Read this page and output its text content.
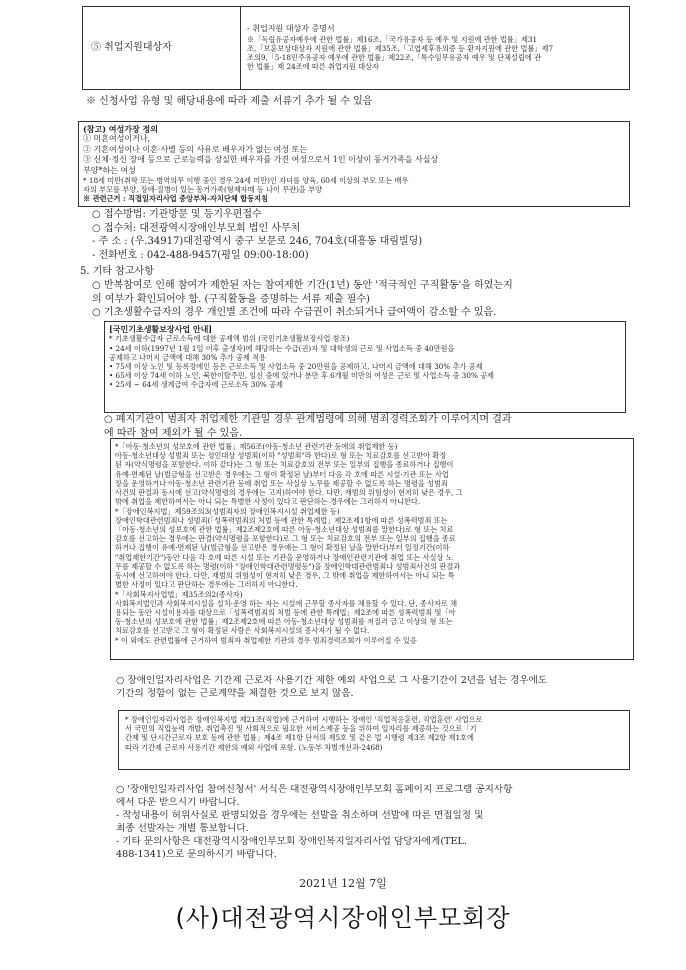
⑤ 취업지원대상자	
- 취업지원 대상자 증명서
※「독립유공자예우에 관한 법률」제16조,「국가유공자 등 예우 및 지원에 관한 법률」제31
조,「보훈보상대상자 지원에 관한 법률」제35조,「고엽제후유의증 등 환자지원에 관한 법률」제7
조의9,「5·18민주유공자 예우에 관한 법률」제22조,「특수임무유공자 예우 및 단체설립에 관
한 법률」제 24조에 따른 취업지원 대상자
※ 신청사업 유형 및 해당내용에 따라 제출 서류기 추가 될 수 있음
(참고) 여성가장 정의
① 미혼여성이거나,
② 기혼여성이나 이혼·사별 등의 사유로 배우자가 없는 여성 또는
③ 신체·정신 장애 등으로 근로능력을 상실한 배우자를 가진 여성으로서 1인 이상이 동거가족을 사실상
부양*하는 여성
* 18세 미만(취학 또는 병역의무 이행 중인 경우 24세 미만)인 자녀를 양육, 60세 이상의 부모 또는 배우
자의 부모를 부양, 장애·질병이 있는 동거가족(형제자매 등 나이 무관)을 부양
※ 관련근거 : 직접일자리사업 중앙부처-자치단체 합동지침
○ 접수방법: 기관방문 및 등기우편접수
○ 접수처: 대전광역시장애인부모회 법인 사무처
- 주 소 : (우.34917)대전광역시 중구 보문로 246, 704호(대흥동 대림빌딩)
- 전화번호 : 042-488-9457(평일 09:00-18:00)
5. 기타 참고사항
○ 반복참여로 인해 참여가 제한된 자는 참여제한 기간(1년) 동안 '적극적인 구직활동'을 하였는지
의 여부가 확인되어야 함. (구직활동을 증명하는 서류 제출 필수)
○ 기초생활수급자의 경우 개인별 조건에 따라 수급권이 취소되거나 급여액이 감소할 수 있음.
[국민기초생활보장사업 안내]
* 기초생활수급자 근로소득에 대한 공제액 범위 (국민기초생활보장사업 참조)
• 24세 이하(1997년 1월 1일 이후 출생자)에 해당하는 수급(권)자 및 대학생의 근로 및 사업소득 중 40만원을
공제하고 나머지 금액에 대해 30% 추가 공제 적용
• 75세 이상 노인 및 등록장애인 등은 근로소득 및 사업소득 중 20만원을 공제하고, 나머지 금액에 대해 30% 추가 공제
• 65세 이상 74세 이하 노인, 북한이탈주민, 임신 중에 있거나 분만 후 6개월 미만의 여성은 근로 및 사업소득 중 30% 공제
• 25세 ~ 64세 생계급여 수급자에 근로소득 30% 공제
○ 폐지기관이 범죄자 취업제한 기관일 경우 관계법령에 의해 범죄경력조회가 이루어지며 결과
에 따라 참여 제외가 될 수 있음.
*「아동·청소년의 성보호에 관한 법률」제56조(아동·청소년 관련기관 등에의 취업제한 등)
아동·청소년대상 성범죄 또는 성인대상 성범죄(이하 "성범죄"라 한다)로 형 또는 치료감호를 선고받아 확정
된 자(약식명령을 포함한다. 이하 같다)는 그 형 또는 치료감호의 전부 또는 일부의 집행을 종료하거나 집행이
유예·면제된 날(벌금형을 선고받은 경우에는 그 형이 확정된 날)부터 다음 각 호에 따른 시설·기관 또는 사업
장을 운영하거나 아동·청소년 관련기관 등에 취업 또는 사실상 노무를 제공할 수 없도록 하는 명령을 성범죄
사건의 판결과 동시에 선고(약식명령의 경우에는 고지)하여야 한다. 다만, 재범의 위험성이 현저히 낮은 경우, 그
밖에 취업을 제한하여서는 아니 되는 특별한 사정이 있다고 판단하는 경우에는 그러하지 아니한다.
*「장애인복지법」제59조의3(성범죄자의 장애인복지시설 취업제한 등)
장애인학대관련범죄나 성범죄(「성폭력범죄의 처벌 등에 관한 특례법」제2조제1항에 따른 성폭력범죄 또는
「아동·청소년의 성보호에 관한 법률」제2조제2호에 따른 아동·청소년대상 성범죄를 말한다)로 형 또는 치료
감호를 선고하는 경우에는 판결(약식명령을 포함한다)로 그 형 또는 치료감호의 전부 또는 일부의 집행을 종료
하거나 집행이 유예·면제된 날(벌금형을 선고받은 경우에는 그 형이 확정된 날을 말한다)부터 일정기간(이하
"취업제한기간")동안 다음 각 호에 따른 시설 또는 기관을 운영하거나 장애인관련기관에 취업 또는 사실상 노
무를 제공할 수 없도록 하는 명령(이하 "장애인학대관련명령등")을 장애인학대관련범죄나 성범죄사건의 판결과
동시에 선고하여야 한다. 다만, 재범의 위험성이 현저히 낮은 경우, 그 밖에 취업을 제한하여서는 아니 되는 특
별한 사정이 있다고 판단하는 경우에는 그러하지 아니한다.
*「사회복지사업법」제35조의2(종사자)
사회복지법인과 사회복지시설을 설치·운영 하는 자는 시설에 근무할 종사자를 채용할 수 있다. 단, 종사자로 채
용되는 동안 시설이용자를 대상으로「성폭력범죄의 처벌 등에 관한 특례법」제2조에 따른 성폭력범죄 및「아
동·청소년의 성보호에 관한 법률」제2조제2호에 따른 아동·청소년대상 성범죄를 저질러 금고 이상의 형 또는
치료감호를 선고받고 그 형이 확정된 사람은 사회복지시설의 종사자가 될 수 없다.
* 이 외에도 관련법률에 근거하여 범죄자 취업제한 기관의 경우 범죄경력조회가 이루어질 수 있음
○ 장애인일자리사업은 기간제 근로자 사용기간 제한 예외 사업으로 그 사용기간이 2년을 넘는 경우에도
기간의 정함이 없는 근로계약을 체결한 것으로 보지 않음.
* 장애인일자리사업은 장애인복지법 제21조(직업)에 근거하여 시행하는 장애인 '직업적응훈련, 직업훈련' 사업으로
서 국민의 직업능력 개발, 취업촉진 및 사회적으로 필요한 서비스제공 등을 위하여 일자리를 제공하는 것으로「기
간제 및 단시간근로자 보호 등에 관한 법률」제4조 제1항 단서의 제5호 및 같은 법 시행령 제3조 제2항 제1호에
따라 기간제 근로자 사용기간 제한의 예외 사업에 포함. (노동부 차별개선과-2468)
○ '장애인일자리사업 참여신청서' 서식은 대전광역시장애인부모회 홈페이지 프로그램 공지사항
에서 다운 받으시기 바랍니다.
- 작성내용이 허위사실로 판명되었을 경우에는 선발을 취소하며 선발에 따른 면접일정 및
최종 선발자는 개별 통보합니다.
- 기타 문의사항은 대전광역시장애인부모회 장애인복지일자리사업 담당자에게(TEL.
488-1341)으로 문의하시기 바랍니다.
2021년 12월 7일
(사)대전광역시장애인부모회장
